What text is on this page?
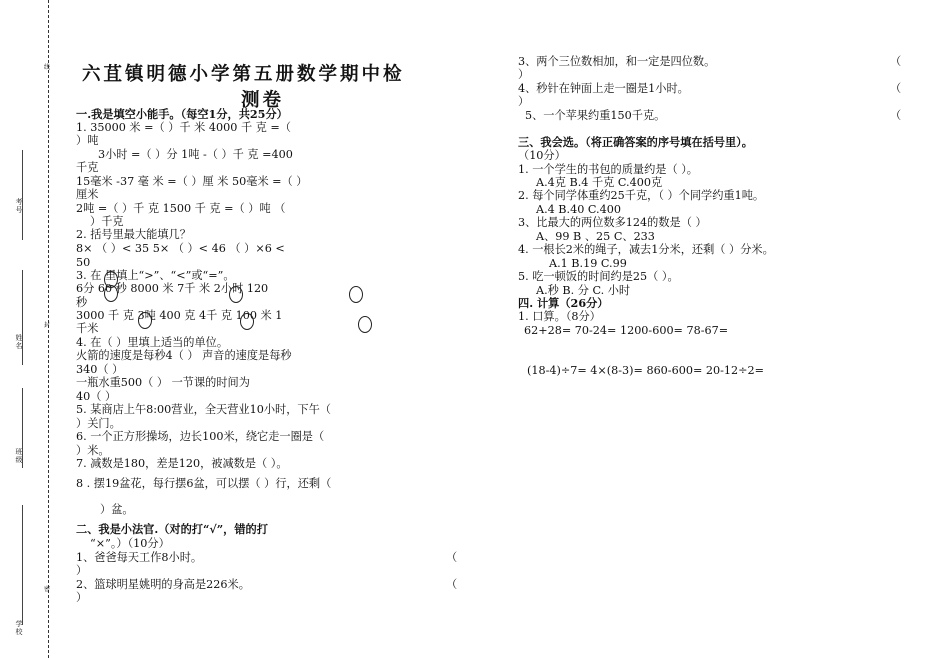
线
封
密
考号
姓名
班级
学校
六苴镇明德小学第五册数学期中检
测卷
一.我是填空小能手。（每空1分，共25分）
1. 35000 米 =（ ）千 米 4000 千 克 =（
）吨
3小时 =（ ）分 1吨 -（ ）千 克 =400
千克
15毫米 -37 毫 米 =（ ）厘 米 50毫米 =（ ）
厘米
2吨 =（ ）千 克 1500 千 克 =（ ）吨 （
）千克
2. 括号里最大能填几？
8× （ ）< 35 5× （ ）< 46 （ ）×6 <
50
3. 在 里填上“>”、“<”或“=”。
6分 60 秒 8000 米 7千 米 2小时 120
秒
3000 千 克 3吨 400 克 4千 克 100 米 1
千米
4. 在（ ）里填上适当的单位。
火箭的速度是每秒4（ ） 声音的速度是每秒
340（ ）
一瓶水重500（ ） 一节课的时间为
40（ ）
5. 某商店上午8:00营业，全天营业10小时，下午（
）关门。
6. 一个正方形操场，边长100米，绕它走一圈是（
）米。
7. 减数是180，差是120，被减数是（ ）。
8 . 摆19盆花，每行摆6盆，可以摆（ ）行，还剩（
）盆。
二、我是小法官.（对的打“√”，错的打
“×”。）（10分）
1、爸爸每天工作8小时。	（
）
2、篮球明星姚明的身高是226米。	（
）
3、两个三位数相加，和一定是四位数。	（
）
4、秒针在钟面上走一圈是1小时。	（
）
5、一个苹果约重150千克。	（
三、我会选。（将正确答案的序号填在括号里）。
（10分）
1. 一个学生的书包的质量约是（ ）。
A.4克 B.4 千克 C.400克
2. 每个同学体重约25千克，（ ）个同学约重1吨。
A.4 B.40 C.400
3、比最大的两位数多124的数是（ ）
A、99 B 、25 C、233
4. 一根长2米的绳子，减去1分米，还剩（ ）分米。
A.1 B.19 C.99
5. 吃一顿饭的时间约是25（ ）。
A.秒 B. 分 C. 小时
四. 计算（26分）
1. 口算。（8分）
62+28= 70-24= 1200-600= 78-67=
(18-4)÷7= 4×(8-3)= 860-600= 20-12÷2=
